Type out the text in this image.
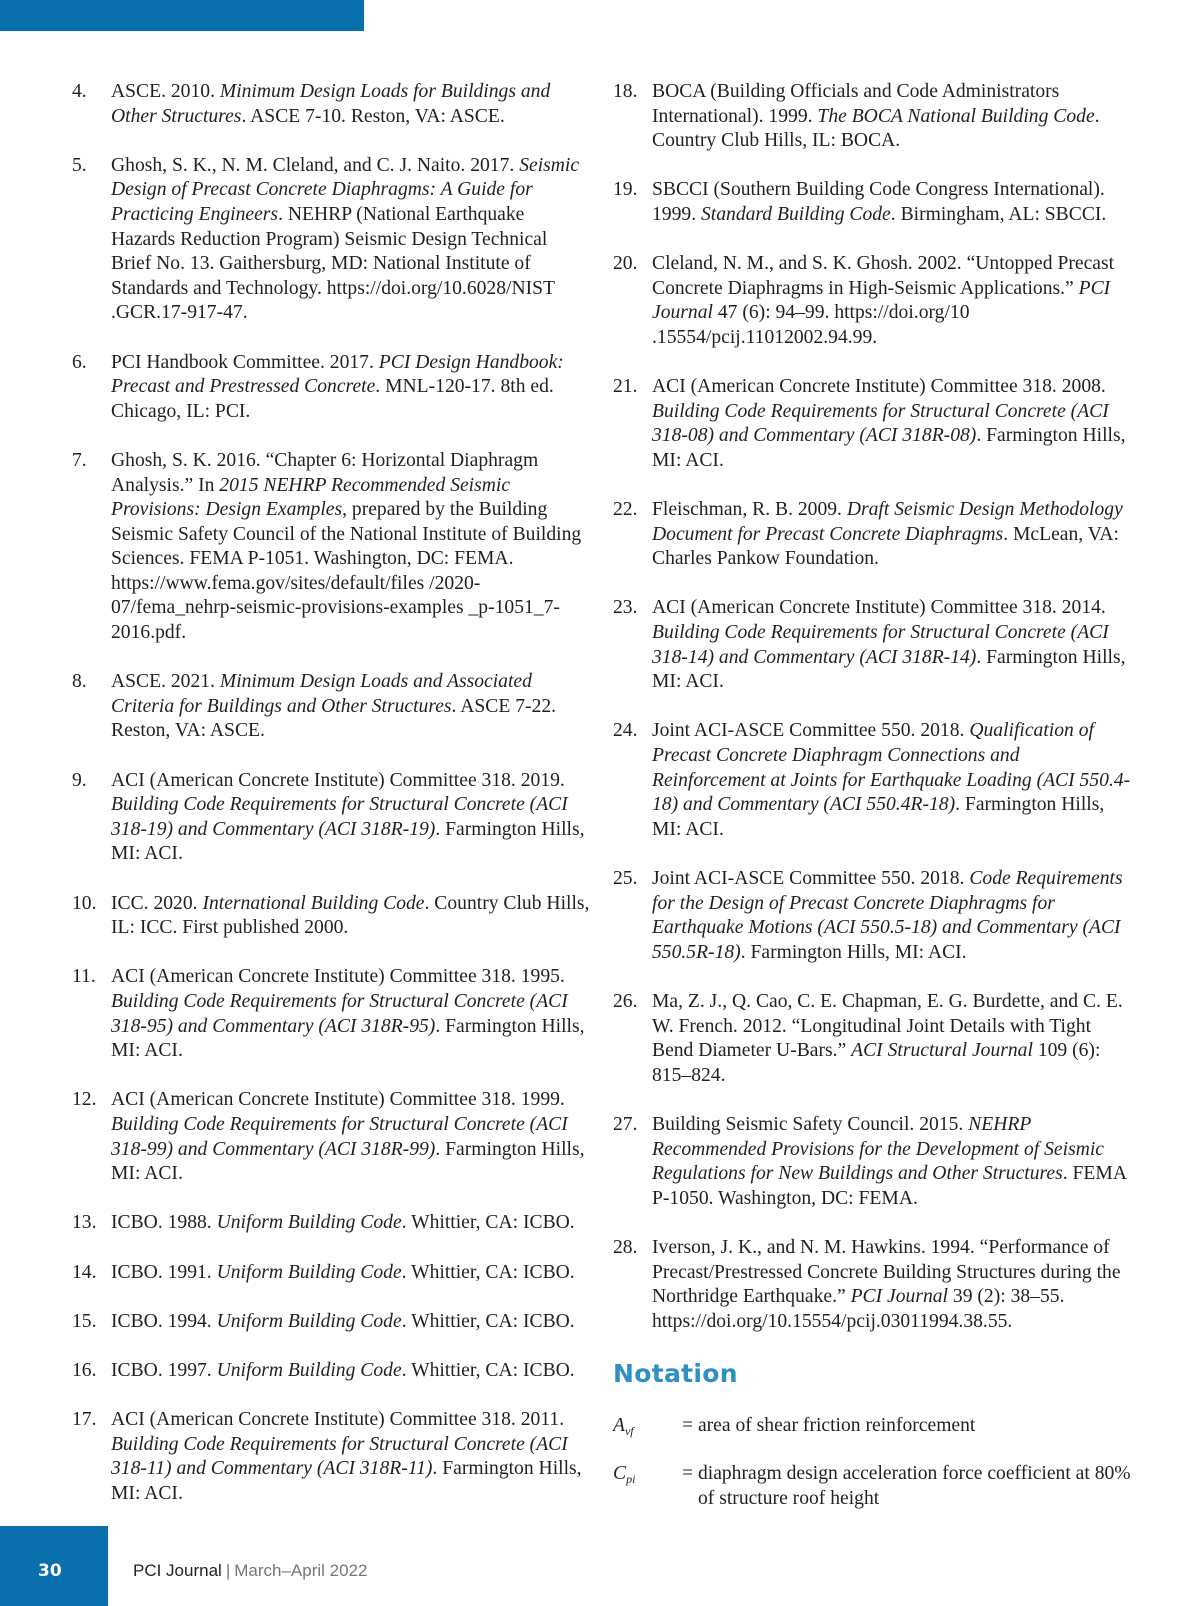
4. ASCE. 2010. Minimum Design Loads for Buildings and Other Structures. ASCE 7-10. Reston, VA: ASCE.
5. Ghosh, S. K., N. M. Cleland, and C. J. Naito. 2017. Seismic Design of Precast Concrete Diaphragms: A Guide for Practicing Engineers. NEHRP (National Earthquake Hazards Reduction Program) Seismic Design Technical Brief No. 13. Gaithersburg, MD: National Institute of Standards and Technology. https://doi.org/10.6028/NIST .GCR.17-917-47.
6. PCI Handbook Committee. 2017. PCI Design Handbook: Precast and Prestressed Concrete. MNL-120-17. 8th ed. Chicago, IL: PCI.
7. Ghosh, S. K. 2016. “Chapter 6: Horizontal Diaphragm Analysis.” In 2015 NEHRP Recommended Seismic Provisions: Design Examples, prepared by the Building Seismic Safety Council of the National Institute of Building Sciences. FEMA P-1051. Washington, DC: FEMA. https://www.fema.gov/sites/default/files /2020-07/fema_nehrp-seismic-provisions-examples _p-1051_7-2016.pdf.
8. ASCE. 2021. Minimum Design Loads and Associated Criteria for Buildings and Other Structures. ASCE 7-22. Reston, VA: ASCE.
9. ACI (American Concrete Institute) Committee 318. 2019. Building Code Requirements for Structural Concrete (ACI 318-19) and Commentary (ACI 318R-19). Farmington Hills, MI: ACI.
10. ICC. 2020. International Building Code. Country Club Hills, IL: ICC. First published 2000.
11. ACI (American Concrete Institute) Committee 318. 1995. Building Code Requirements for Structural Concrete (ACI 318-95) and Commentary (ACI 318R-95). Farmington Hills, MI: ACI.
12. ACI (American Concrete Institute) Committee 318. 1999. Building Code Requirements for Structural Concrete (ACI 318-99) and Commentary (ACI 318R-99). Farmington Hills, MI: ACI.
13. ICBO. 1988. Uniform Building Code. Whittier, CA: ICBO.
14. ICBO. 1991. Uniform Building Code. Whittier, CA: ICBO.
15. ICBO. 1994. Uniform Building Code. Whittier, CA: ICBO.
16. ICBO. 1997. Uniform Building Code. Whittier, CA: ICBO.
17. ACI (American Concrete Institute) Committee 318. 2011. Building Code Requirements for Structural Concrete (ACI 318-11) and Commentary (ACI 318R-11). Farmington Hills, MI: ACI.
18. BOCA (Building Officials and Code Administrators International). 1999. The BOCA National Building Code. Country Club Hills, IL: BOCA.
19. SBCCI (Southern Building Code Congress International). 1999. Standard Building Code. Birmingham, AL: SBCCI.
20. Cleland, N. M., and S. K. Ghosh. 2002. “Untopped Precast Concrete Diaphragms in High-Seismic Applications.” PCI Journal 47 (6): 94–99. https://doi.org/10 .15554/pcij.11012002.94.99.
21. ACI (American Concrete Institute) Committee 318. 2008. Building Code Requirements for Structural Concrete (ACI 318-08) and Commentary (ACI 318R-08). Farmington Hills, MI: ACI.
22. Fleischman, R. B. 2009. Draft Seismic Design Methodology Document for Precast Concrete Diaphragms. McLean, VA: Charles Pankow Foundation.
23. ACI (American Concrete Institute) Committee 318. 2014. Building Code Requirements for Structural Concrete (ACI 318-14) and Commentary (ACI 318R-14). Farmington Hills, MI: ACI.
24. Joint ACI-ASCE Committee 550. 2018. Qualification of Precast Concrete Diaphragm Connections and Reinforcement at Joints for Earthquake Loading (ACI 550.4-18) and Commentary (ACI 550.4R-18). Farmington Hills, MI: ACI.
25. Joint ACI-ASCE Committee 550. 2018. Code Requirements for the Design of Precast Concrete Diaphragms for Earthquake Motions (ACI 550.5-18) and Commentary (ACI 550.5R-18). Farmington Hills, MI: ACI.
26. Ma, Z. J., Q. Cao, C. E. Chapman, E. G. Burdette, and C. E. W. French. 2012. “Longitudinal Joint Details with Tight Bend Diameter U-Bars.” ACI Structural Journal 109 (6): 815–824.
27. Building Seismic Safety Council. 2015. NEHRP Recommended Provisions for the Development of Seismic Regulations for New Buildings and Other Structures. FEMA P-1050. Washington, DC: FEMA.
28. Iverson, J. K., and N. M. Hawkins. 1994. “Performance of Precast/Prestressed Concrete Building Structures during the Northridge Earthquake.” PCI Journal 39 (2): 38–55. https://doi.org/10.15554/pcij.03011994.38.55.
Notation
$A_{vf}$ = area of shear friction reinforcement
$C_{pi}$ = diaphragm design acceleration force coefficient at 80% of structure roof height
30	PCI Journal | March–April 2022
